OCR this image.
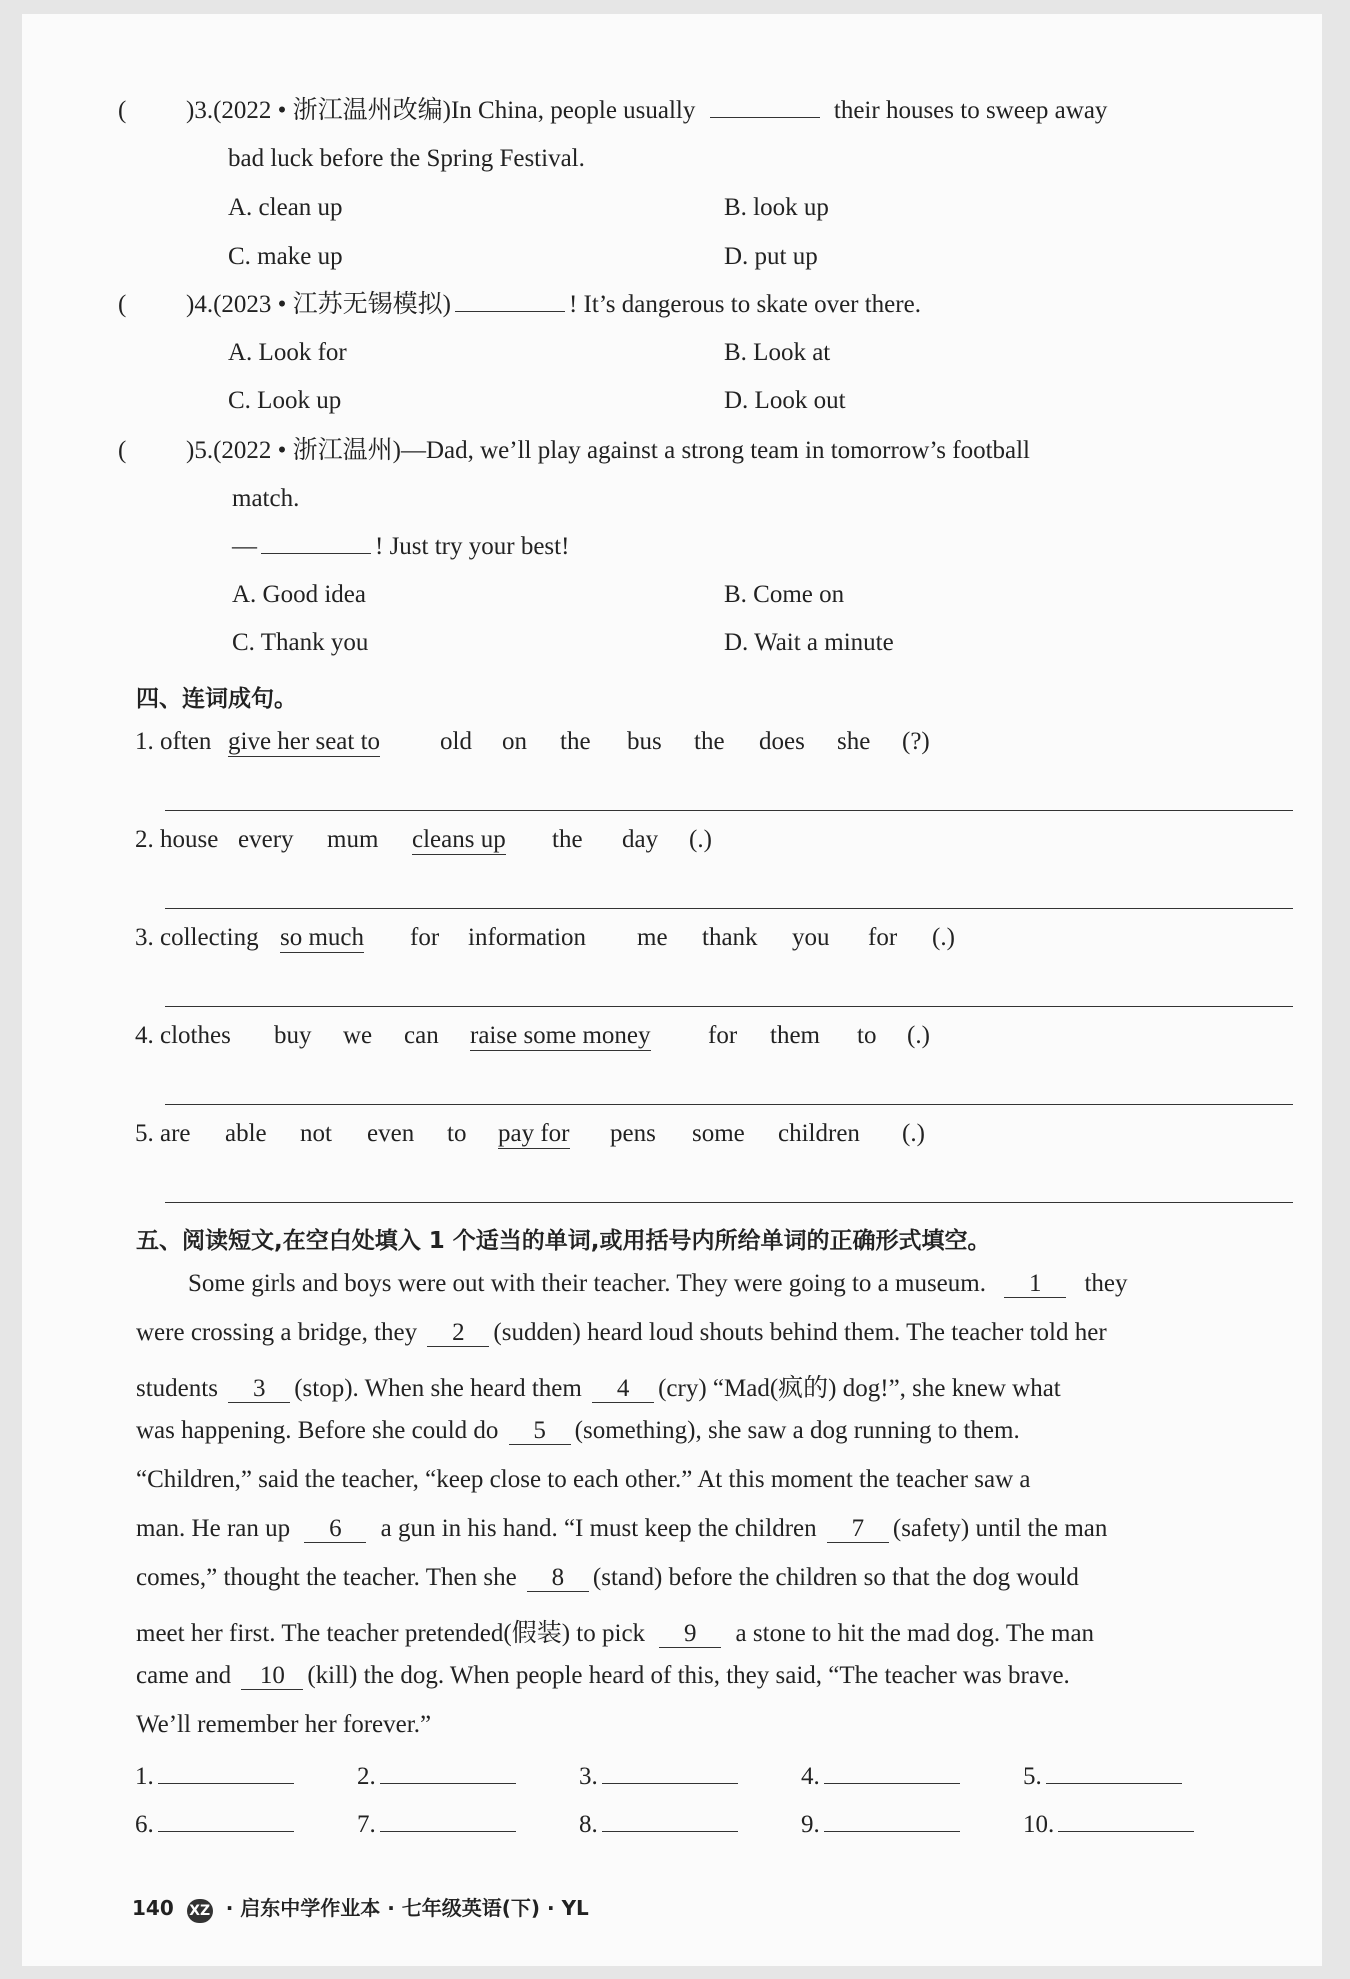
( )3.(2022 • 浙江温州改编)In China, people usually	their houses to sweep away
bad luck before the Spring Festival.
A. clean up	B. look up
C. make up	D. put up
( )4.(2023 • 江苏无锡模拟)	! It’s dangerous to skate over there.
A. Look for	B. Look at
C. Look up	D. Look out
( )5.(2022 • 浙江温州)—Dad, we’ll play against a strong team in tomorrow’s football
match.
—	! Just try your best!
A. Good idea	B. Come on
C. Thank you	D. Wait a minute
四、连词成句。
1. often give her seat to old on the bus the does she (?)
2. house every mum cleans up the day (.)
3. collecting so much for information me thank you for (.)
4. clothes buy we can raise some money for them to (.)
5. are able not even to pay for pens some children (.)
五、阅读短文,在空白处填入 1 个适当的单词,或用括号内所给单词的正确形式填空。
Some girls and boys were out with their teacher. They were going to a museum. 1 they
were crossing a bridge, they 2 (sudden) heard loud shouts behind them. The teacher told her
students 3 (stop). When she heard them 4 (cry) “Mad(疯的) dog!”, she knew what
was happening. Before she could do 5 (something), she saw a dog running to them.
“Children,” said the teacher, “keep close to each other.” At this moment the teacher saw a
man. He ran up 6 a gun in his hand. “I must keep the children 7 (safety) until the man
comes,” thought the teacher. Then she 8 (stand) before the children so that the dog would
meet her first. The teacher pretended(假装) to pick 9 a stone to hit the mad dog. The man
came and 10 (kill) the dog. When people heard of this, they said, “The teacher was brave.
We’ll remember her forever.”
1.	2.	3.	4.	5.
6.	7.	8.	9.	10.
140 XZ · 启东中学作业本 · 七年级英语(下) · YL
